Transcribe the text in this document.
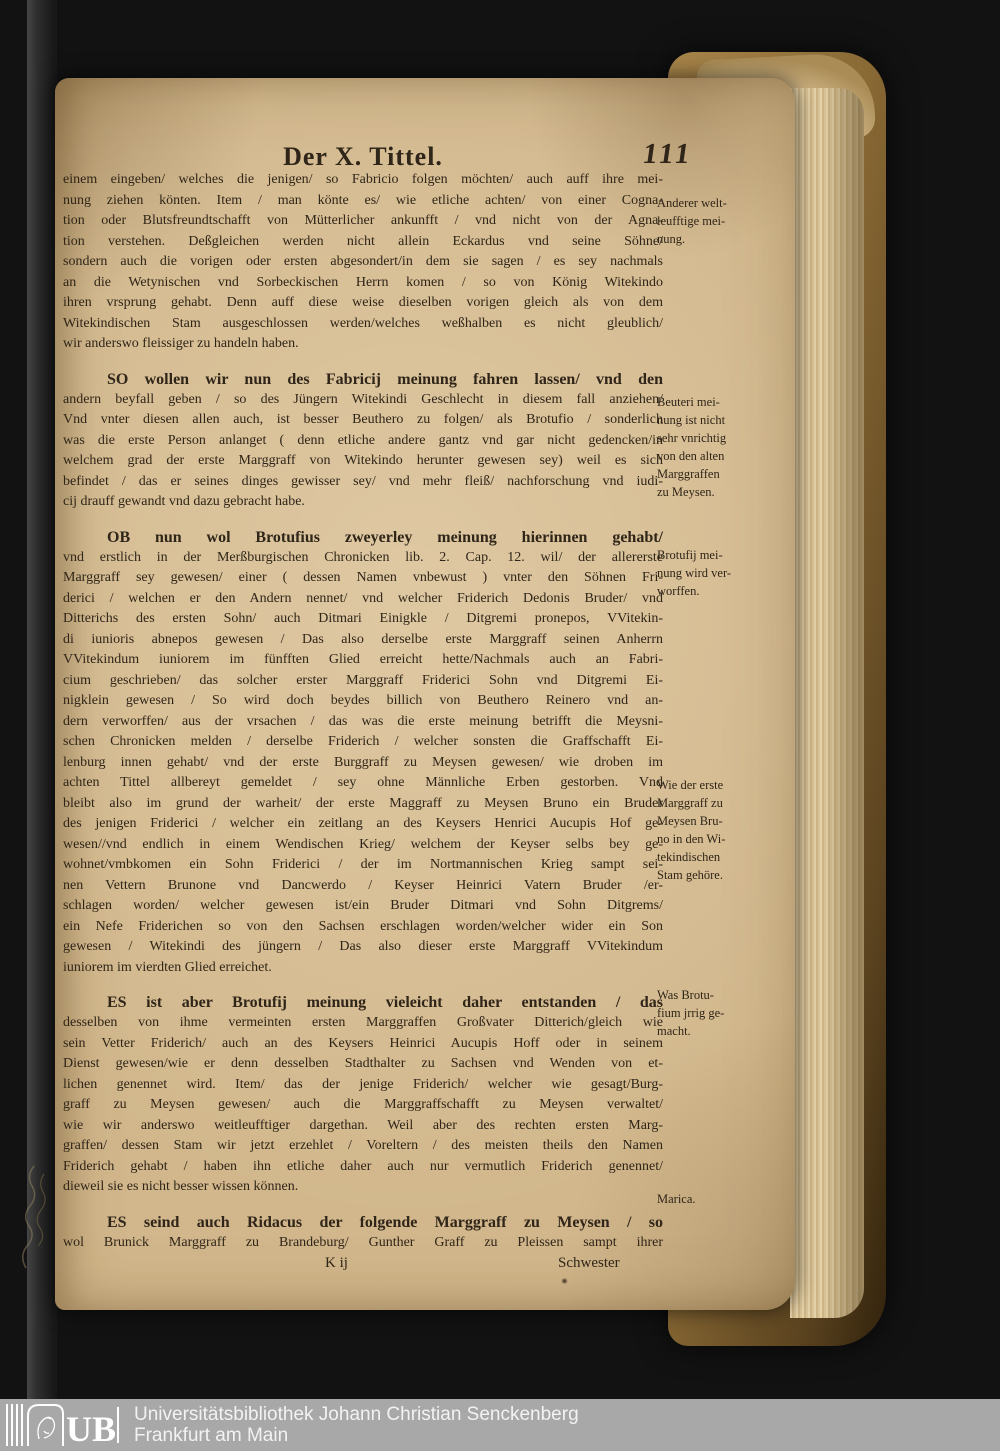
Der X. Tittel.	111
einem eingeben/ welches die jenigen/ so Fabricio folgen möchten/ auch auff ihre mei-
nung ziehen könten. Item / man könte es/ wie etliche achten/ von einer Cogna-
tion oder Blutsfreundtschafft von Mütterlicher ankunfft / vnd nicht von der Agna-
tion verstehen. Deßgleichen werden nicht allein Eckardus vnd seine Söhne/
sondern auch die vorigen oder ersten abgesondert/in dem sie sagen / es sey nachmals
an die Wetynischen vnd Sorbeckischen Herrn komen / so von König Witekindo
ihren vrsprung gehabt. Denn auff diese weise dieselben vorigen gleich als von dem
Witekindischen Stam ausgeschlossen werden/welches weßhalben es nicht gleublich/
wir anderswo fleissiger zu handeln haben.
SO wollen wir nun des Fabricij meinung fahren lassen/ vnd den
andern beyfall geben / so des Jüngern Witekindi Geschlecht in diesem fall anziehen/
Vnd vnter diesen allen auch, ist besser Beuthero zu folgen/ als Brotufio / sonderlich
was die erste Person anlanget ( denn etliche andere gantz vnd gar nicht gedencken/in
welchem grad der erste Marggraff von Witekindo herunter gewesen sey) weil es sich
befindet / das er seines dinges gewisser sey/ vnd mehr fleiß/ nachforschung vnd iudi-
cij drauff gewandt vnd dazu gebracht habe.
OB nun wol Brotufius zweyerley meinung hierinnen gehabt/
vnd erstlich in der Merßburgischen Chronicken lib. 2. Cap. 12. wil/ der allererste
Marggraff sey gewesen/ einer ( dessen Namen vnbewust ) vnter den Söhnen Fri-
derici / welchen er den Andern nennet/ vnd welcher Friderich Dedonis Bruder/ vnd
Ditterichs des ersten Sohn/ auch Ditmari Einigkle / Ditgremi pronepos, VVitekin-
di iunioris abnepos gewesen / Das also derselbe erste Marggraff seinen Anherrn
VVitekindum iuniorem im fünfften Glied erreicht hette/Nachmals auch an Fabri-
cium geschrieben/ das solcher erster Marggraff Friderici Sohn vnd Ditgremi Ei-
nigklein gewesen / So wird doch beydes billich von Beuthero Reinero vnd an-
dern verworffen/ aus der vrsachen / das was die erste meinung betrifft die Meysni-
schen Chronicken melden / derselbe Friderich / welcher sonsten die Graffschafft Ei-
lenburg innen gehabt/ vnd der erste Burggraff zu Meysen gewesen/ wie droben im
achten Tittel allbereyt gemeldet / sey ohne Männliche Erben gestorben. Vnd
bleibt also im grund der warheit/ der erste Maggraff zu Meysen Bruno ein Bruder
des jenigen Friderici / welcher ein zeitlang an des Keysers Henrici Aucupis Hof ge-
wesen//vnd endlich in einem Wendischen Krieg/ welchem der Keyser selbs bey ge-
wohnet/vmbkomen ein Sohn Friderici / der im Nortmannischen Krieg sampt sei-
nen Vettern Brunone vnd Dancwerdo / Keyser Heinrici Vatern Bruder /er-
schlagen worden/ welcher gewesen ist/ein Bruder Ditmari vnd Sohn Ditgrems/
ein Nefe Friderichen so von den Sachsen erschlagen worden/welcher wider ein Son
gewesen / Witekindi des jüngern / Das also dieser erste Marggraff VVitekindum
iuniorem im vierdten Glied erreichet.
ES ist aber Brotufij meinung vieleicht daher entstanden / das
desselben von ihme vermeinten ersten Marggraffen Großvater Ditterich/gleich wie
sein Vetter Friderich/ auch an des Keysers Heinrici Aucupis Hoff oder in seinem
Dienst gewesen/wie er denn desselben Stadthalter zu Sachsen vnd Wenden von et-
lichen genennet wird. Item/ das der jenige Friderich/ welcher wie gesagt/Burg-
graff zu Meysen gewesen/ auch die Marggraffschafft zu Meysen verwaltet/
wie wir anderswo weitleufftiger dargethan. Weil aber des rechten ersten Marg-
graffen/ dessen Stam wir jetzt erzehlet / Voreltern / des meisten theils den Namen
Friderich gehabt / haben ihn etliche daher auch nur vermutlich Friderich genennet/
dieweil sie es nicht besser wissen können.
ES seind auch Ridacus der folgende Marggraff zu Meysen / so
wol Brunick Marggraff zu Brandeburg/ Gunther Graff zu Pleissen sampt ihrer
K ij	Schwester
Anderer welt-
leufftige mei-
nung.
Beuteri mei-
nung ist nicht
sehr vnrichtig
von den alten
Marggraffen
zu Meysen.
Brotufij mei-
nung wird ver-
worffen.
Wie der erste
Marggraff zu
Meysen Bru-
no in den Wi-
tekindischen
Stam gehöre.
Was Brotu-
fium jrrig ge-
macht.
Marica.
UB Universitätsbibliothek Johann Christian Senckenberg
Frankfurt am Main
